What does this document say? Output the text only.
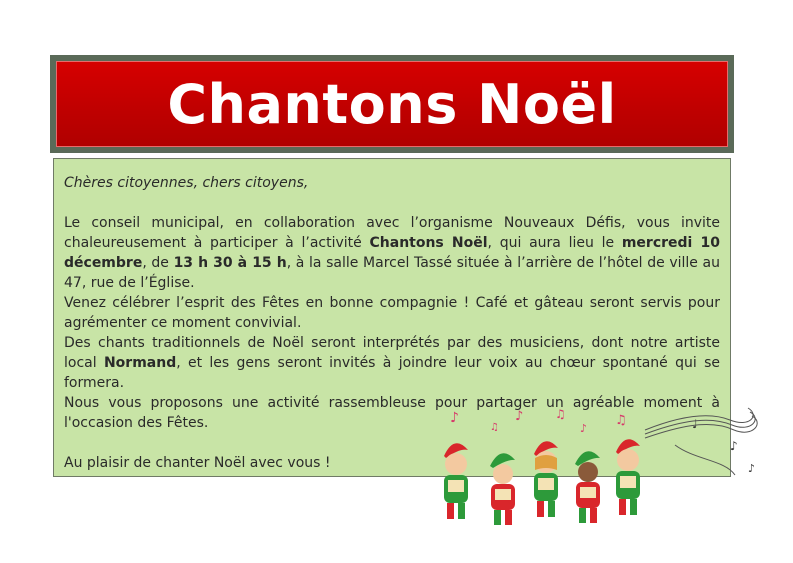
Chantons Noël

Chères citoyennes, chers citoyens,

Le conseil municipal, en collaboration avec l’organisme Nouveaux Défis, vous invite chaleureusement à participer à l’activité Chantons Noël, qui aura lieu le mercredi 10 décembre, de 13 h 30 à 15 h, à la salle Marcel Tassé située à l’arrière de l’hôtel de ville au 47, rue de l’Église.

Venez célébrer l’esprit des Fêtes en bonne compagnie ! Café et gâteau seront servis pour agrémenter ce moment convivial.

Des chants traditionnels de Noël seront interprétés par des musiciens, dont notre artiste local Normand, et les gens seront invités à joindre leur voix au chœur spontané qui se formera.

Nous vous proposons une activité rassembleuse pour partager un agréable moment à l'occasion des Fêtes.

Au plaisir de chanter Noël avec vous !

♪
♫
♪	♫
♪
♫	♩
♪
♪
